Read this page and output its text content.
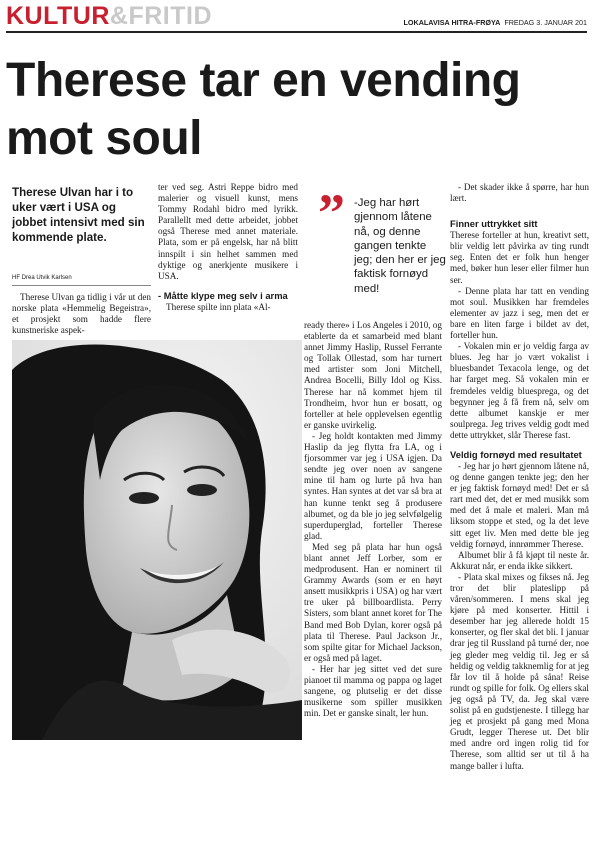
KULTUR&FRITID	LOKALAVISA HITRA-FRØYA FREDAG 3. JANUAR 201
Therese tar en vending mot soul
Therese Ulvan har i to uker vært i USA og jobbet intensivt med sin kommende plate.
HF Drea Utvik Karlsen

Therese Ulvan ga tidlig i vår ut den norske plata «Hemmelig Begeistra», et prosjekt som hadde flere kunstneriske aspek-

ter ved seg. Astri Reppe bidro med malerier og visuell kunst, mens Tommy Rodahl bidro med lyrikk. Parallellt med dette arbeidet, jobbet også Therese med annet materiale. Plata, som er på engelsk, har nå blitt innspilt i sin helhet sammen med dyktige og anerkjente musikere i USA.

- Måtte klype meg selv i arma

Therese spilte inn plata «Al-

” -Jeg har hørt gjennom låtene nå, og denne gangen tenkte jeg; den her er jeg faktisk fornøyd med!

ready there» i Los Angeles i 2010, og etablerte da et samarbeid med blant annet Jimmy Haslip, Russel Ferrante og Tollak Ollestad, som har turnert med artister som Joni Mitchell, Andrea Bocelli, Billy Idol og Kiss. Therese har nå kommet hjem til Trondheim, hvor hun er bosatt, og forteller at hele opplevelsen egentlig er ganske uvirkelig.

- Jeg holdt kontakten med Jimmy Haslip da jeg flytta fra LA, og i fjorsommer var jeg i USA igjen. Da sendte jeg over noen av sangene mine til ham og lurte på hva han syntes. Han syntes at det var så bra at han kunne tenkt seg å produsere albumet, og da ble jo jeg selvfølgelig superduperglad, forteller Therese glad.

Med seg på plata har hun også blant annet Jeff Lorber, som er medprodusent. Han er nominert til Grammy Awards (som er en høyt ansett musikkpris i USA) og har vært tre uker på billboardlista. Perry Sisters, som blant annet koret for The Band med Bob Dylan, korer også på plata til Therese. Paul Jackson Jr., som spilte gitar for Michael Jackson, er også med på laget.

- Her har jeg sittet ved det sure pianoet til mamma og pappa og laget sangene, og plutselig er det disse musikerne som spiller musikken min. Det er ganske sinalt, ler hun.

- Det skader ikke å spørre, har hun lært.

Finner uttrykket sitt

Therese forteller at hun, kreativt sett, blir veldig lett påvirka av ting rundt seg. Enten det er folk hun henger med, bøker hun leser eller filmer hun ser.

- Denne plata har tatt en vending mot soul. Musikken har fremdeles elementer av jazz i seg, men det er bare en liten farge i bildet av det, forteller hun.

- Vokalen min er jo veldig farga av blues. Jeg har jo vært vokalist i bluesbandet Texacola lenge, og det har farget meg. Så vokalen min er fremdeles veldig bluesprega, og det begynner jeg å få frem nå, selv om dette albumet kanskje er mer soulprega. Jeg trives veldig godt med dette uttrykket, slår Therese fast.

Veldig fornøyd med resultatet

- Jeg har jo hørt gjennom låtene nå, og denne gangen tenkte jeg; den her er jeg faktisk fornøyd med! Det er så rart med det, det er med musikk som med det å male et maleri. Man må liksom stoppe et sted, og la det leve sitt eget liv. Men med dette ble jeg veldig fornøyd, innrømmer Therese.

Albumet blir å få kjøpt til neste år. Akkurat når, er enda ikke sikkert.

- Plata skal mixes og fikses nå. Jeg tror det blir plateslipp på våren/sommeren. I mens skal jeg kjøre på med konserter. Hittil i desember har jeg allerede holdt 15 konserter, og fler skal det bli. I januar drar jeg til Russland på turné der, noe jeg gleder meg veldig til. Jeg er så heldig og veldig takknemlig for at jeg får lov til å holde på såna! Reise rundt og spille for folk. Og ellers skal jeg også på TV, da. Jeg skal være solist på en gudstjeneste. I tillegg har jeg et prosjekt på gang med Mona Grudt, legger Therese ut. Det blir med andre ord ingen rolig tid for Therese, som alltid ser ut til å ha mange baller i lufta.
